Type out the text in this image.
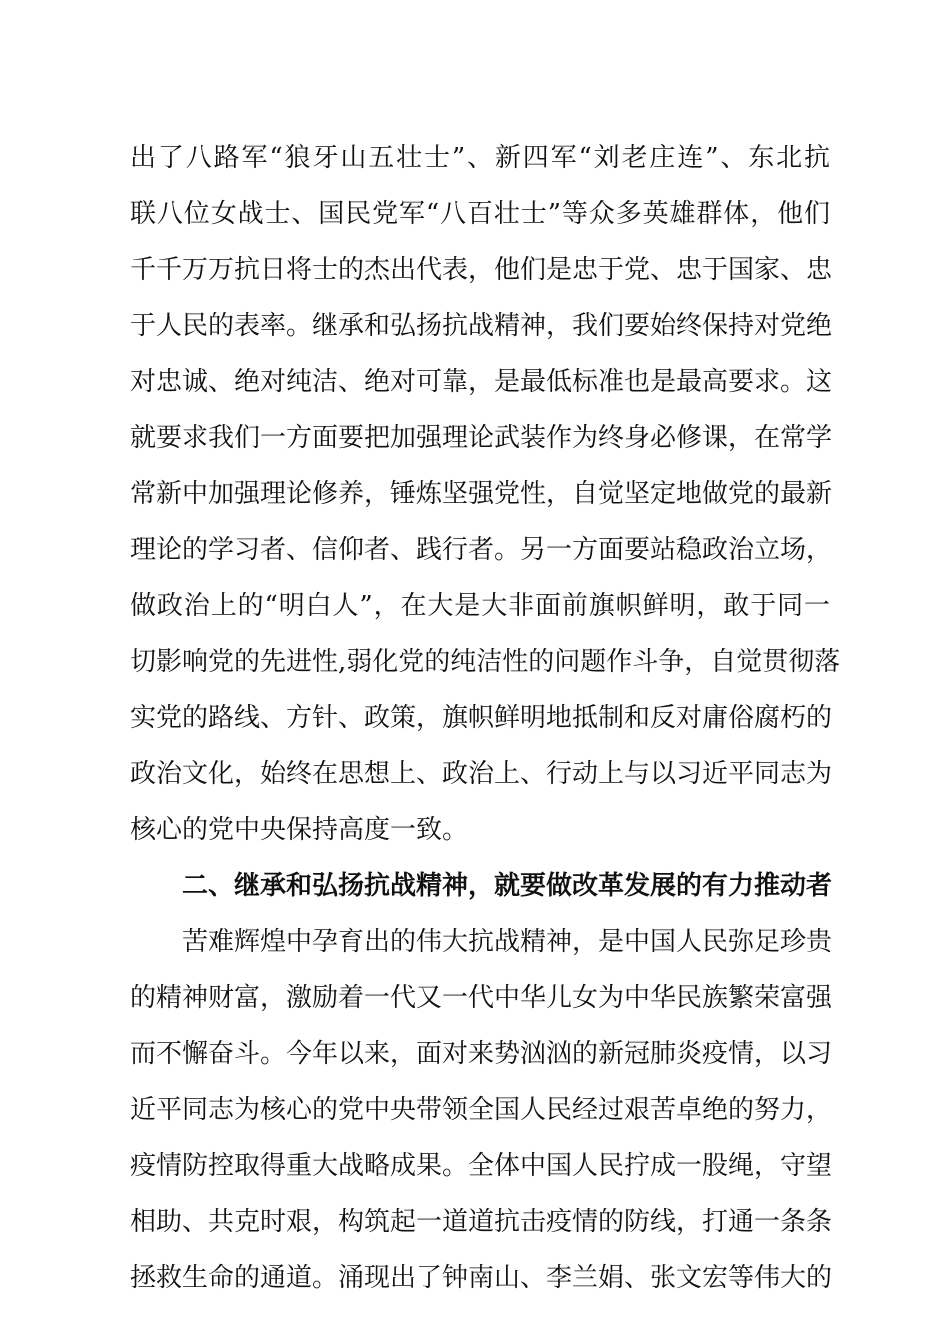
出了八路军“狼牙山五壮士”、新四军“刘老庄连”、东北抗

联八位女战士、国民党军“八百壮士”等众多英雄群体，他们

千千万万抗日将士的杰出代表，他们是忠于党、忠于国家、忠

于人民的表率。继承和弘扬抗战精神，我们要始终保持对党绝

对忠诚、绝对纯洁、绝对可靠，是最低标准也是最高要求。这

就要求我们一方面要把加强理论武装作为终身必修课，在常学

常新中加强理论修养，锤炼坚强党性，自觉坚定地做党的最新

理论的学习者、信仰者、践行者。另一方面要站稳政治立场，

做政治上的“明白人”，在大是大非面前旗帜鲜明，敢于同一

切影响党的先进性,弱化党的纯洁性的问题作斗争，自觉贯彻落

实党的路线、方针、政策，旗帜鲜明地抵制和反对庸俗腐朽的

政治文化，始终在思想上、政治上、行动上与以习近平同志为

核心的党中央保持高度一致。

二、继承和弘扬抗战精神，就要做改革发展的有力推动者

苦难辉煌中孕育出的伟大抗战精神，是中国人民弥足珍贵

的精神财富，激励着一代又一代中华儿女为中华民族繁荣富强

而不懈奋斗。今年以来，面对来势汹汹的新冠肺炎疫情，以习

近平同志为核心的党中央带领全国人民经过艰苦卓绝的努力，

疫情防控取得重大战略成果。全体中国人民拧成一股绳，守望

相助、共克时艰，构筑起一道道抗击疫情的防线，打通一条条

拯救生命的通道。涌现出了钟南山、李兰娟、张文宏等伟大的
